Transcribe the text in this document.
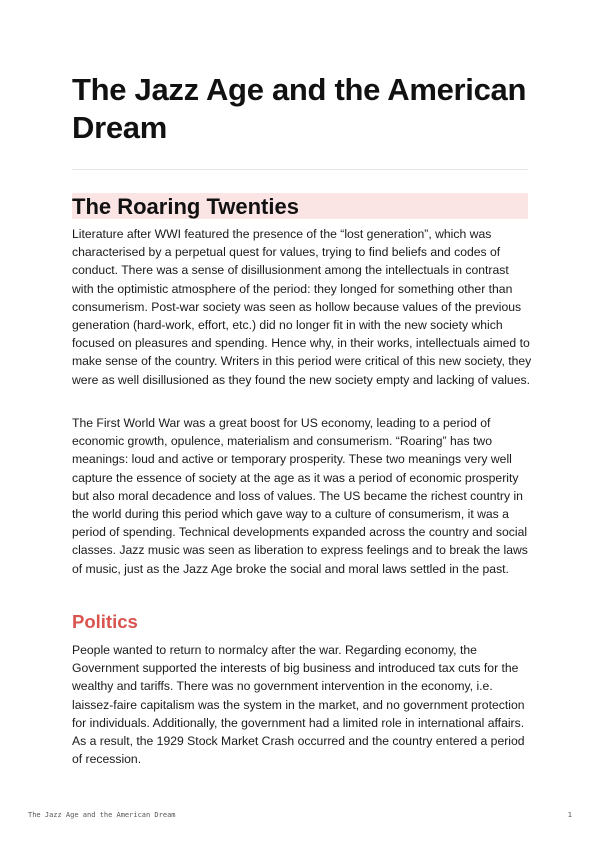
The Jazz Age and the American Dream
The Roaring Twenties

Literature after WWI featured the presence of the “lost generation”, which was characterised by a perpetual quest for values, trying to find beliefs and codes of conduct. There was a sense of disillusionment among the intellectuals in contrast with the optimistic atmosphere of the period: they longed for something other than consumerism. Post-war society was seen as hollow because values of the previous generation (hard-work, effort, etc.) did no longer fit in with the new society which focused on pleasures and spending. Hence why, in their works, intellectuals aimed to make sense of the country. Writers in this period were critical of this new society, they were as well disillusioned as they found the new society empty and lacking of values.

The First World War was a great boost for US economy, leading to a period of economic growth, opulence, materialism and consumerism. “Roaring” has two meanings: loud and active or temporary prosperity. These two meanings very well capture the essence of society at the age as it was a period of economic prosperity but also moral decadence and loss of values. The US became the richest country in the world during this period which gave way to a culture of consumerism, it was a period of spending. Technical developments expanded across the country and social classes. Jazz music was seen as liberation to express feelings and to break the laws of music, just as the Jazz Age broke the social and moral laws settled in the past.

Politics

People wanted to return to normalcy after the war. Regarding economy, the Government supported the interests of big business and introduced tax cuts for the wealthy and tariffs. There was no government intervention in the economy, i.e. laissez-faire capitalism was the system in the market, and no government protection for individuals. Additionally, the government had a limited role in international affairs. As a result, the 1929 Stock Market Crash occurred and the country entered a period of recession.

The Jazz Age and the American Dream	1
